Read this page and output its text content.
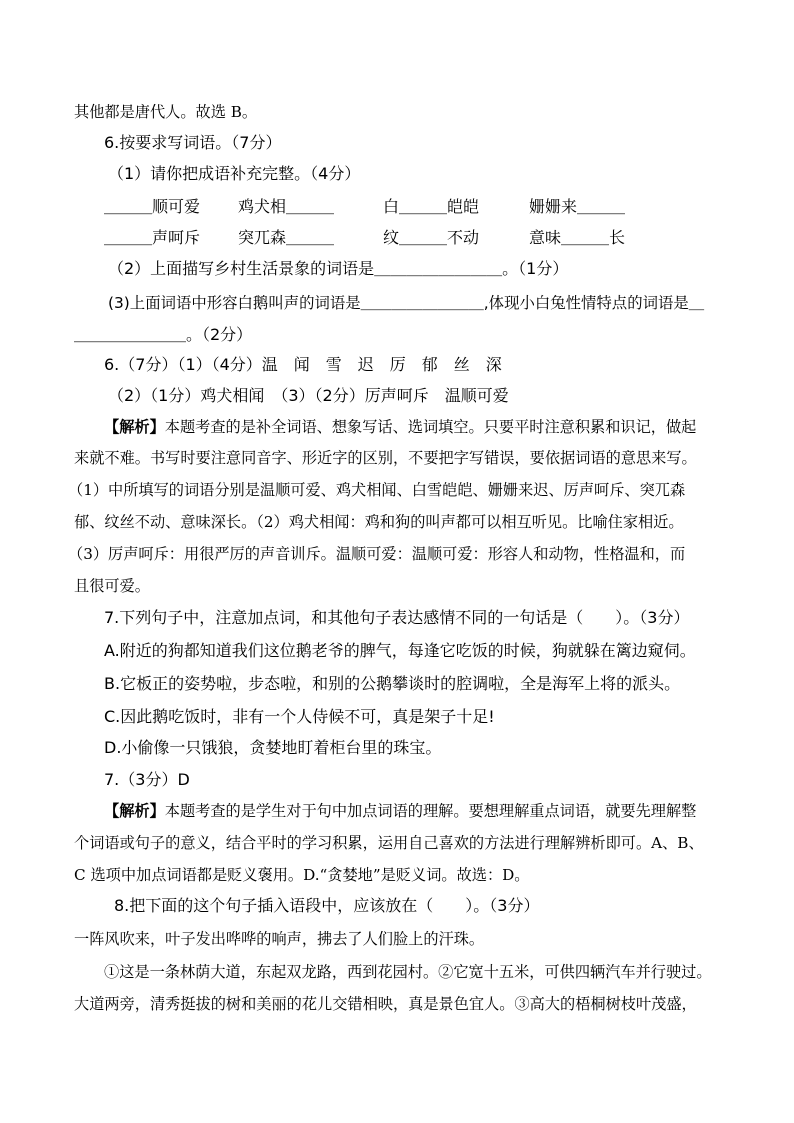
其他都是唐代人。故选 B。
6.按要求写词语。（7分）
（1）请你把成语补充完整。（4分）
＿＿＿顺可爱 鸡犬相＿＿＿	白＿＿＿皑皑	姗姗来＿＿＿
＿＿＿声呵斥 突兀森＿＿＿	纹＿＿＿不动	意味＿＿＿长
（2）上面描写乡村生活景象的词语是＿＿＿＿＿＿＿＿。（1分）
(3)上面词语中形容白鹅叫声的词语是＿＿＿＿＿＿＿＿,体现小白兔性情特点的词语是＿
＿＿＿＿＿＿＿。（2分）
6.（7分）（1）（4分）温　闻　雪　迟　厉　郁　丝　深
（2）（1分）鸡犬相闻　（3）（2分）厉声呵斥　温顺可爱
【解析】本题考查的是补全词语、想象写话、选词填空。只要平时注意积累和识记，做起
来就不难。书写时要注意同音字、形近字的区别，不要把字写错误，要依据词语的意思来写。
（1）中所填写的词语分别是温顺可爱、鸡犬相闻、白雪皑皑、姗姗来迟、厉声呵斥、突兀森
郁、纹丝不动、意味深长。（2）鸡犬相闻：鸡和狗的叫声都可以相互听见。比喻住家相近。
（3）厉声呵斥：用很严厉的声音训斥。温顺可爱：温顺可爱：形容人和动物，性格温和，而
且很可爱。
7.下列句子中，注意加点词，和其他句子表达感情不同的一句话是（　　）。（3分）
A.附近的狗都知道我们这位鹅老爷的脾气，每逢它吃饭的时候，狗就躲在篱边窥伺。
B.它板正的姿势啦，步态啦，和别的公鹅攀谈时的腔调啦，全是海军上将的派头。
C.因此鹅吃饭时，非有一个人侍候不可，真是架子十足!
D.小偷像一只饿狼，贪婪地盯着柜台里的珠宝。
7.（3分）D
【解析】本题考查的是学生对于句中加点词语的理解。要想理解重点词语，就要先理解整
个词语或句子的意义，结合平时的学习积累，运用自己喜欢的方法进行理解辨析即可。A、B、
C 选项中加点词语都是贬义褒用。D.“贪婪地”是贬义词。故选：D。
8.把下面的这个句子插入语段中，应该放在（　　）。（3分）
一阵风吹来，叶子发出哗哗的响声，拂去了人们脸上的汗珠。
①这是一条林荫大道，东起双龙路，西到花园村。②它宽十五米，可供四辆汽车并行驶过。
大道两旁，清秀挺拔的树和美丽的花儿交错相映，真是景色宜人。③高大的梧桐树枝叶茂盛，
